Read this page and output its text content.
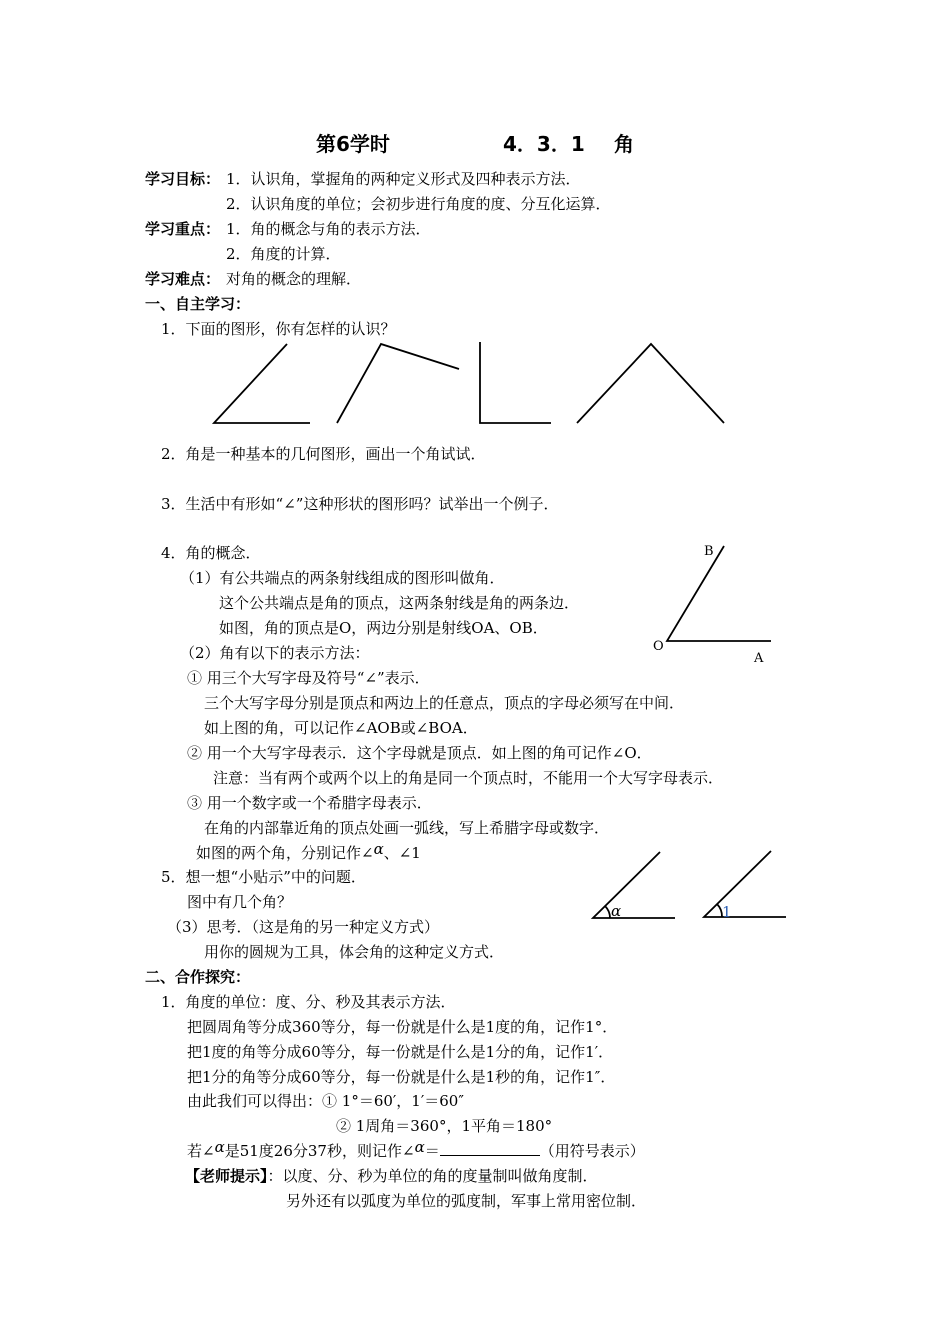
第6学时	4．3．1 角
学习目标： 1．认识角，掌握角的两种定义形式及四种表示方法．
2．认识角度的单位；会初步进行角度的度、分互化运算．
学习重点： 1．角的概念与角的表示方法．
2．角度的计算．
学习难点： 对角的概念的理解．
一、自主学习：
1．下面的图形，你有怎样的认识？
2．角是一种基本的几何图形，画出一个角试试．
3．生活中有形如“∠”这种形状的图形吗？试举出一个例子．
4．角的概念．
（1）有公共端点的两条射线组成的图形叫做角．
这个公共端点是角的顶点，这两条射线是角的两条边．
如图，角的顶点是O，两边分别是射线OA、OB．
（2）角有以下的表示方法：
① 用三个大写字母及符号“∠”表示．
三个大写字母分别是顶点和两边上的任意点，顶点的字母必须写在中间．
如上图的角，可以记作∠AOB或∠BOA．
② 用一个大写字母表示．这个字母就是顶点．如上图的角可记作∠O．
注意：当有两个或两个以上的角是同一个顶点时，不能用一个大写字母表示．
③ 用一个数字或一个希腊字母表示．
在角的内部靠近角的顶点处画一弧线，写上希腊字母或数字．
如图的两个角，分别记作∠α、∠1
5．想一想“小贴示”中的问题．
图中有几个角？
（3）思考．（这是角的另一种定义方式）
用你的圆规为工具，体会角的这种定义方式．
二、合作探究：
1．角度的单位：度、分、秒及其表示方法．
把圆周角等分成360等分，每一份就是什么是1度的角，记作1°．
把1度的角等分成60等分，每一份就是什么是1分的角，记作1′．
把1分的角等分成60等分，每一份就是什么是1秒的角，记作1″．
由此我们可以得出：① 1°＝60′，1′＝60″
② 1周角＝360°，1平角＝180°
若∠α是51度26分37秒，则记作∠α＝	（用符号表示）
【老师提示】：以度、分、秒为单位的角的度量制叫做角度制．
另外还有以弧度为单位的弧度制，军事上常用密位制．
B
O
A
α	1
